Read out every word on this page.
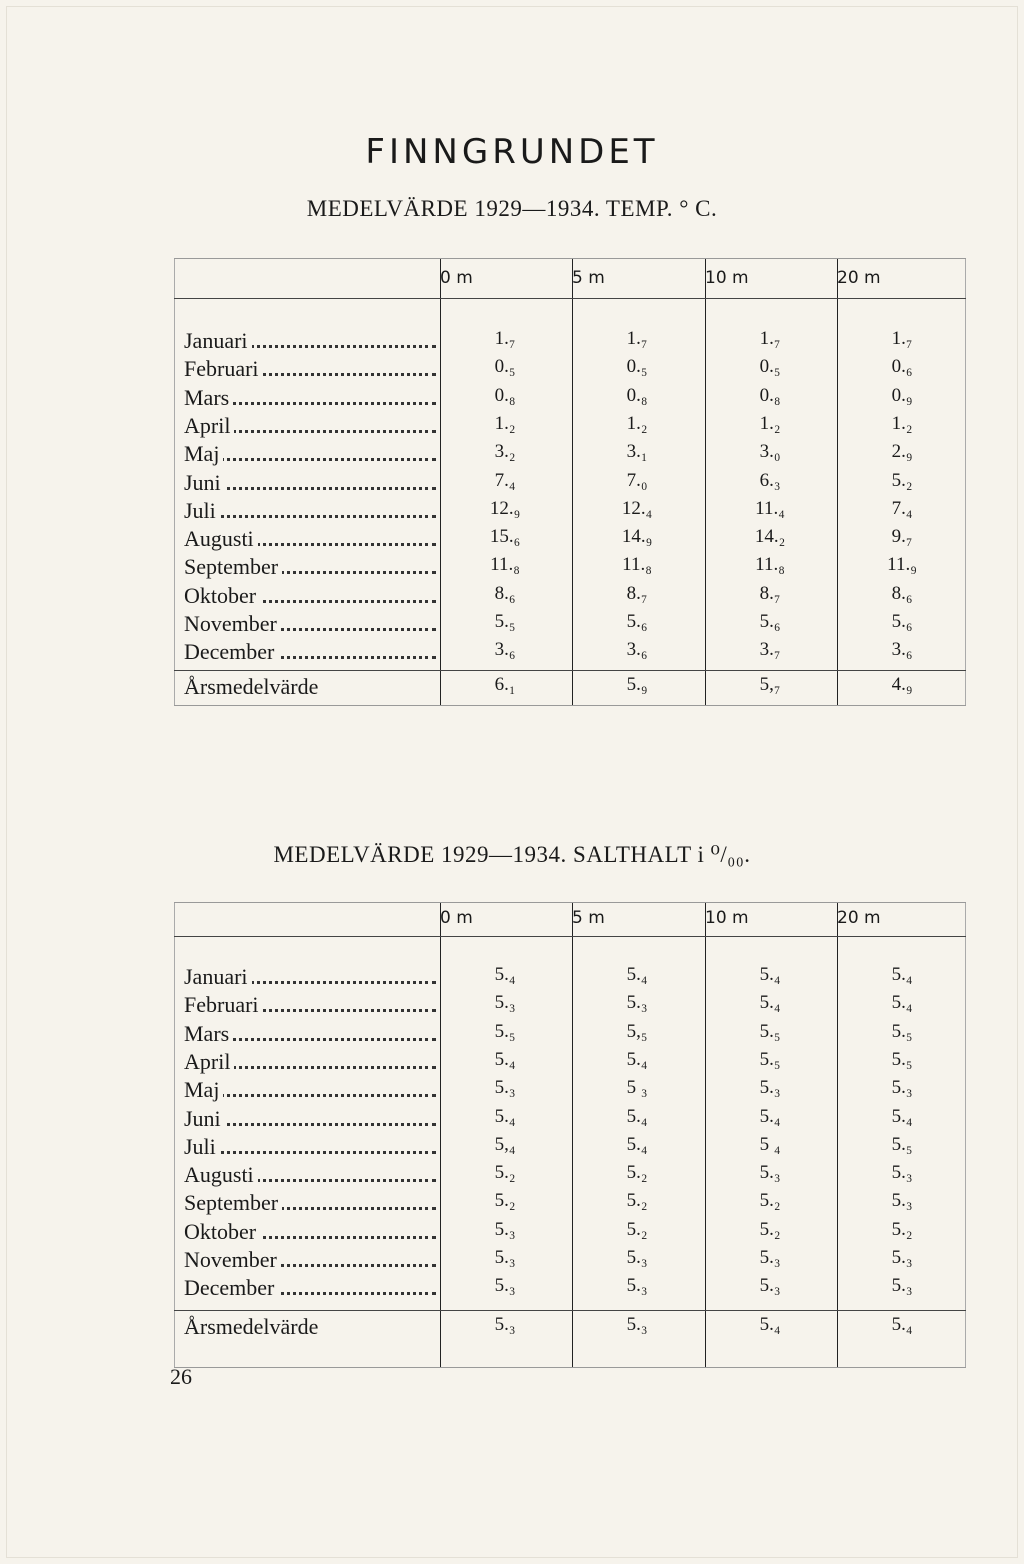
FINNGRUNDET
MEDELVÄRDE 1929—1934. TEMP. ° C.
0 m	5 m	10 m	20 m
Januari	1.₇	1.₇	1.₇	1.₇
Februari	0.₅	0.₅	0.₅	0.₆
Mars	0.₈	0.₈	0.₈	0.₉
April	1.₂	1.₂	1.₂	1.₂
Maj	3.₂	3.₁	3.₀	2.₉
Juni	7.₄	7.₀	6.₃	5.₂
Juli	12.₉	12.₄	11.₄	7.₄
Augusti	15.₆	14.₉	14.₂	9.₇
September	11.₈	11.₈	11.₈	11.₉
Oktober	8.₆	8.₇	8.₇	8.₆
November	5.₅	5.₆	5.₆	5.₆
December	3.₆	3.₆	3.₇	3.₆
Årsmedelvärde	6.₁	5.₉	5,₇	4.₉
MEDELVÄRDE 1929—1934. SALTHALT i ⁰/₀₀.
0 m	5 m	10 m	20 m
Januari	5.₄	5.₄	5.₄	5.₄
Februari	5.₃	5.₃	5.₄	5.₄
Mars	5.₅	5,₅	5.₅	5.₅
April	5.₄	5.₄	5.₅	5.₅
Maj	5.₃	5 ₃	5.₃	5.₃
Juni	5.₄	5.₄	5.₄	5.₄
Juli	5,₄	5.₄	5 ₄	5.₅
Augusti	5.₂	5.₂	5.₃	5.₃
September	5.₂	5.₂	5.₂	5.₃
Oktober	5.₃	5.₂	5.₂	5.₂
November	5.₃	5.₃	5.₃	5.₃
December	5.₃	5.₃	5.₃	5.₃
Årsmedelvärde	5.₃	5.₃	5.₄	5.₄
26
